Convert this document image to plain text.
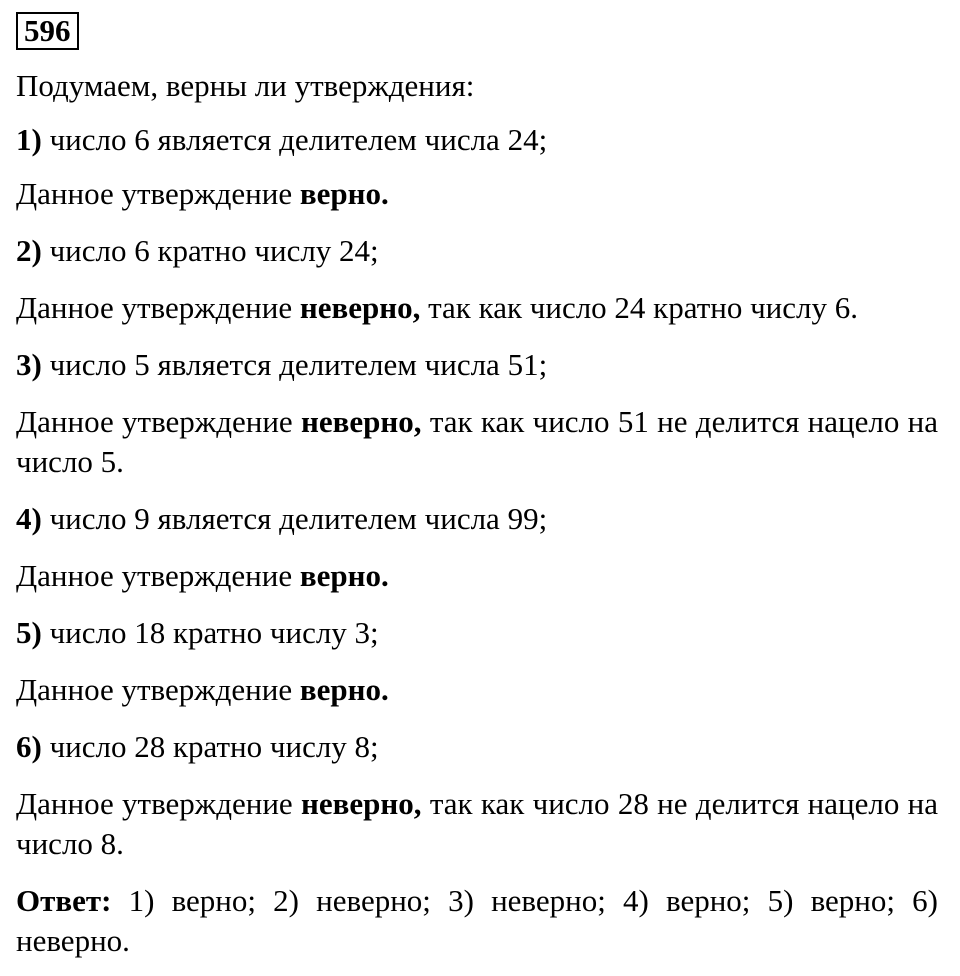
596

Подумаем, верны ли утверждения:

1) число 6 является делителем числа 24;

Данное утверждение верно.

2) число 6 кратно числу 24;

Данное утверждение неверно, так как число 24 кратно числу 6.

3) число 5 является делителем числа 51;

Данное утверждение неверно, так как число 51 не делится нацело на число 5.

4) число 9 является делителем числа 99;

Данное утверждение верно.

5) число 18 кратно числу 3;

Данное утверждение верно.

6) число 28 кратно числу 8;

Данное утверждение неверно, так как число 28 не делится нацело на число 8.

Ответ: 1) верно; 2) неверно; 3) неверно; 4) верно; 5) верно; 6) неверно.
